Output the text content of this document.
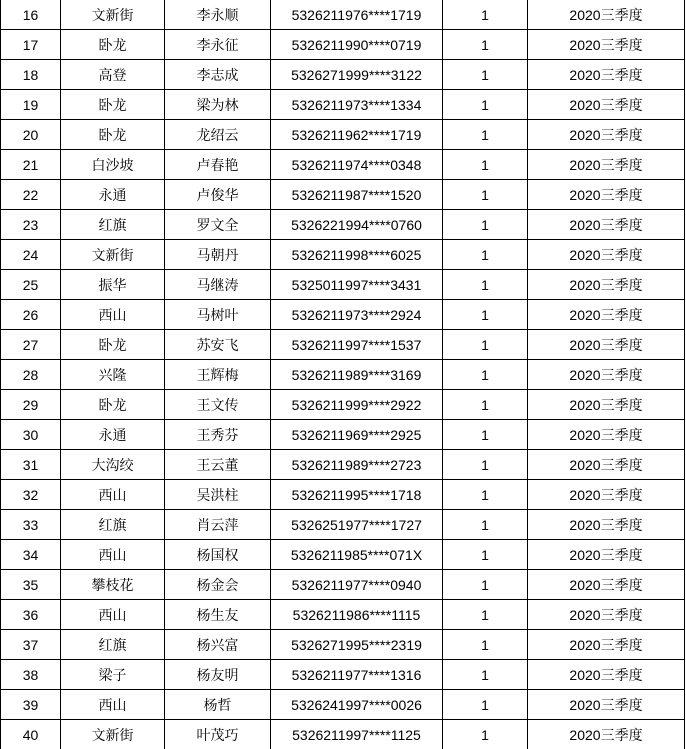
16	文新街	李永顺	5326211976****1719	1	2020三季度
17	卧龙	李永征	5326211990****0719	1	2020三季度
18	高登	李志成	5326271999****3122	1	2020三季度
19	卧龙	梁为林	5326211973****1334	1	2020三季度
20	卧龙	龙绍云	5326211962****1719	1	2020三季度
21	白沙坡	卢春艳	5326211974****0348	1	2020三季度
22	永通	卢俊华	5326211987****1520	1	2020三季度
23	红旗	罗文全	5326221994****0760	1	2020三季度
24	文新街	马朝丹	5326211998****6025	1	2020三季度
25	振华	马继涛	5325011997****3431	1	2020三季度
26	西山	马树叶	5326211973****2924	1	2020三季度
27	卧龙	苏安飞	5326211997****1537	1	2020三季度
28	兴隆	王辉梅	5326211989****3169	1	2020三季度
29	卧龙	王文传	5326211999****2922	1	2020三季度
30	永通	王秀芬	5326211969****2925	1	2020三季度
31	大沟绞	王云董	5326211989****2723	1	2020三季度
32	西山	吴洪柱	5326211995****1718	1	2020三季度
33	红旗	肖云萍	5326251977****1727	1	2020三季度
34	西山	杨国权	5326211985****071X	1	2020三季度
35	攀枝花	杨金会	5326211977****0940	1	2020三季度
36	西山	杨生友	5326211986****1115	1	2020三季度
37	红旗	杨兴富	5326271995****2319	1	2020三季度
38	梁子	杨友明	5326211977****1316	1	2020三季度
39	西山	杨哲	5326241997****0026	1	2020三季度
40	文新街	叶茂巧	5326211997****1125	1	2020三季度
